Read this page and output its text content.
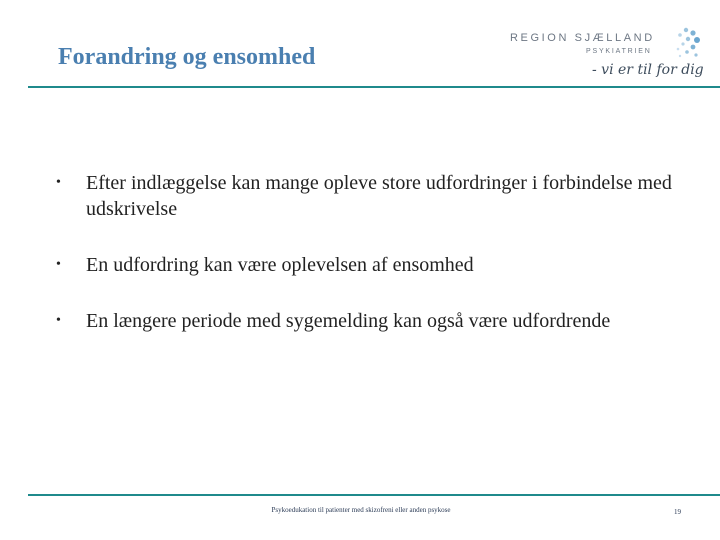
Forandring og ensomhed
REGION SJÆLLAND
PSYKIATRIEN
- vi er til for dig
• Efter indlæggelse kan mange opleve store udfordringer i forbindelse med udskrivelse
• En udfordring kan være oplevelsen af ensomhed
• En længere periode med sygemelding kan også være udfordrende
Psykoedukation til patienter med skizofreni eller anden psykose	19
